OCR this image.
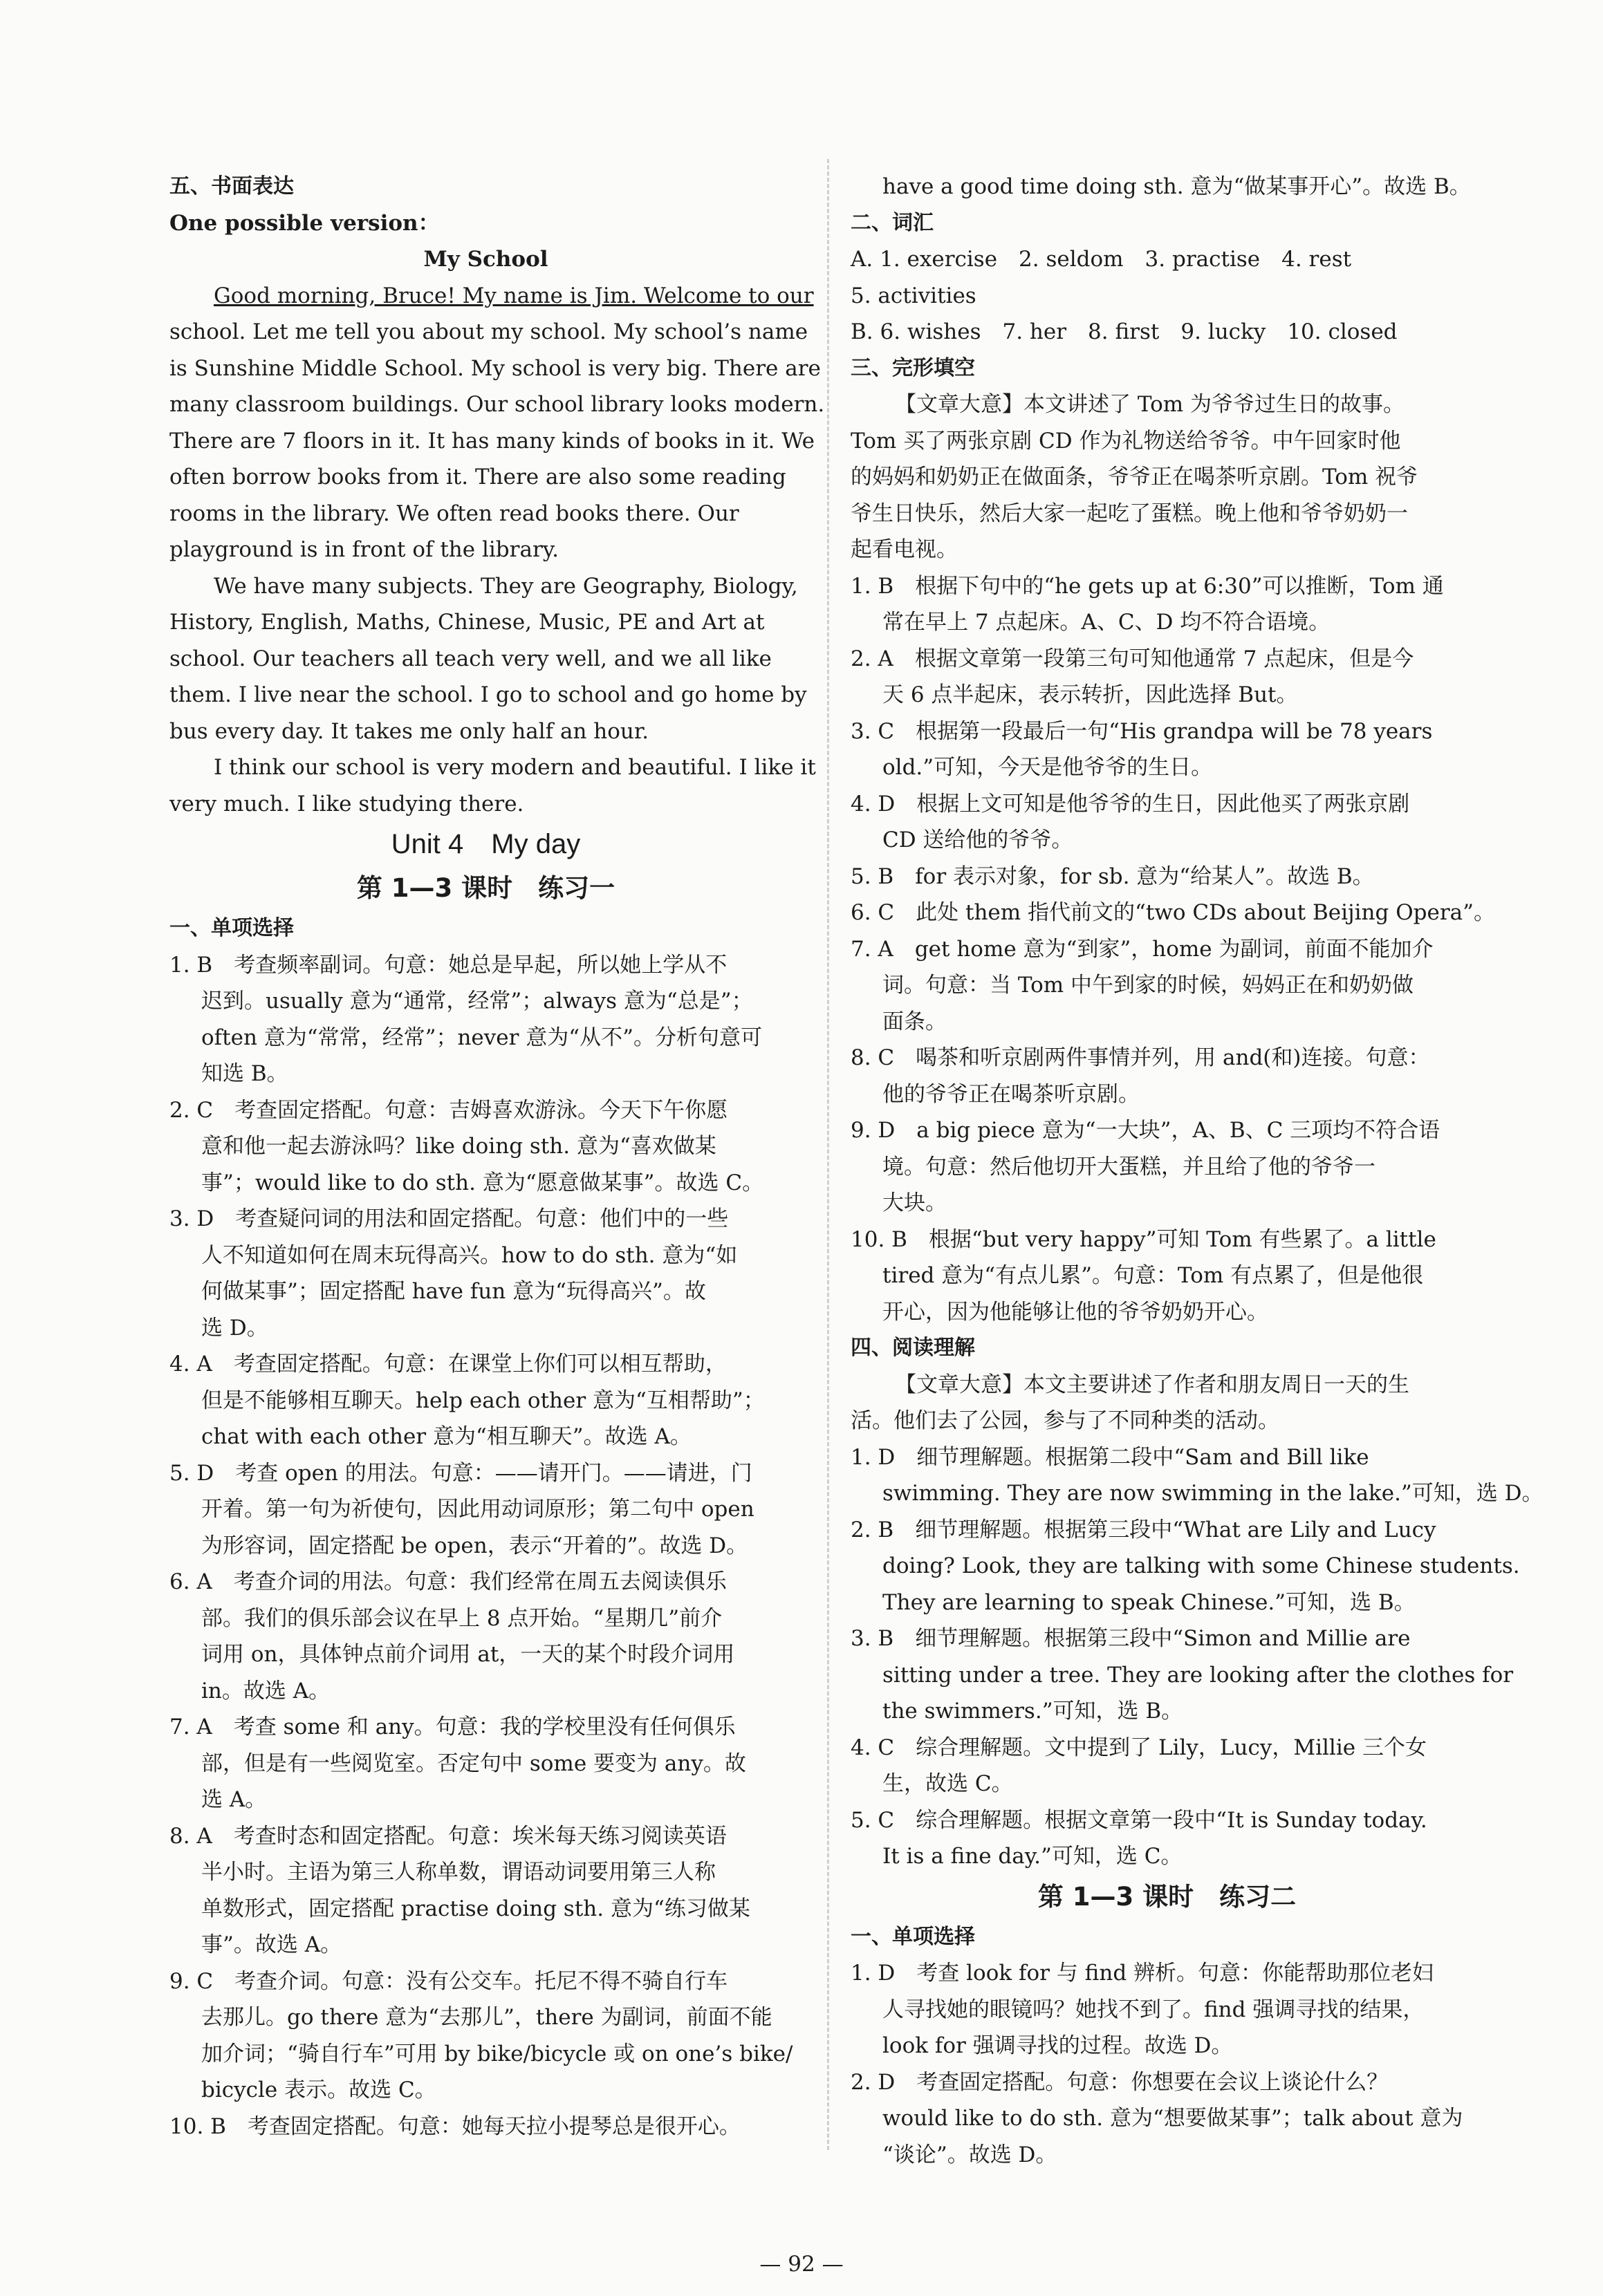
五、书面表达
One possible version：
My School
Good morning, Bruce! My name is Jim. Welcome to our
school. Let me tell you about my school. My school’s name
is Sunshine Middle School. My school is very big. There are
many classroom buildings. Our school library looks modern.
There are 7 floors in it. It has many kinds of books in it. We
often borrow books from it. There are also some reading
rooms in the library. We often read books there. Our
playground is in front of the library.
We have many subjects. They are Geography, Biology,
History, English, Maths, Chinese, Music, PE and Art at
school. Our teachers all teach very well, and we all like
them. I live near the school. I go to school and go home by
bus every day. It takes me only half an hour.
I think our school is very modern and beautiful. I like it
very much. I like studying there.
Unit 4　My day
第 1—3 课时　练习一
一、单项选择
1. B　考查频率副词。句意：她总是早起，所以她上学从不
迟到。usually 意为“通常，经常”；always 意为“总是”；
often 意为“常常，经常”；never 意为“从不”。分析句意可
知选 B。
2. C　考查固定搭配。句意：吉姆喜欢游泳。今天下午你愿
意和他一起去游泳吗？like doing sth. 意为“喜欢做某
事”；would like to do sth. 意为“愿意做某事”。故选 C。
3. D　考查疑问词的用法和固定搭配。句意：他们中的一些
人不知道如何在周末玩得高兴。how to do sth. 意为“如
何做某事”；固定搭配 have fun 意为“玩得高兴”。故
选 D。
4. A　考查固定搭配。句意：在课堂上你们可以相互帮助，
但是不能够相互聊天。help each other 意为“互相帮助”；
chat with each other 意为“相互聊天”。故选 A。
5. D　考查 open 的用法。句意：——请开门。——请进，门
开着。第一句为祈使句，因此用动词原形；第二句中 open
为形容词，固定搭配 be open，表示“开着的”。故选 D。
6. A　考查介词的用法。句意：我们经常在周五去阅读俱乐
部。我们的俱乐部会议在早上 8 点开始。“星期几”前介
词用 on，具体钟点前介词用 at，一天的某个时段介词用
in。故选 A。
7. A　考查 some 和 any。句意：我的学校里没有任何俱乐
部，但是有一些阅览室。否定句中 some 要变为 any。故
选 A。
8. A　考查时态和固定搭配。句意：埃米每天练习阅读英语
半小时。主语为第三人称单数，谓语动词要用第三人称
单数形式，固定搭配 practise doing sth. 意为“练习做某
事”。故选 A。
9. C　考查介词。句意：没有公交车。托尼不得不骑自行车
去那儿。go there 意为“去那儿”，there 为副词，前面不能
加介词；“骑自行车”可用 by bike/bicycle 或 on one’s bike/
bicycle 表示。故选 C。
10. B　考查固定搭配。句意：她每天拉小提琴总是很开心。
have a good time doing sth. 意为“做某事开心”。故选 B。
二、词汇
A. 1. exercise　2. seldom　3. practise　4. rest
5. activities
B. 6. wishes　7. her　8. first　9. lucky　10. closed
三、完形填空
【文章大意】本文讲述了 Tom 为爷爷过生日的故事。
Tom 买了两张京剧 CD 作为礼物送给爷爷。中午回家时他
的妈妈和奶奶正在做面条，爷爷正在喝茶听京剧。Tom 祝爷
爷生日快乐，然后大家一起吃了蛋糕。晚上他和爷爷奶奶一
起看电视。
1. B　根据下句中的“he gets up at 6:30”可以推断，Tom 通
常在早上 7 点起床。A、C、D 均不符合语境。
2. A　根据文章第一段第三句可知他通常 7 点起床，但是今
天 6 点半起床，表示转折，因此选择 But。
3. C　根据第一段最后一句“His grandpa will be 78 years
old.”可知，今天是他爷爷的生日。
4. D　根据上文可知是他爷爷的生日，因此他买了两张京剧
CD 送给他的爷爷。
5. B　for 表示对象，for sb. 意为“给某人”。故选 B。
6. C　此处 them 指代前文的“two CDs about Beijing Opera”。
7. A　get home 意为“到家”，home 为副词，前面不能加介
词。句意：当 Tom 中午到家的时候，妈妈正在和奶奶做
面条。
8. C　喝茶和听京剧两件事情并列，用 and(和)连接。句意：
他的爷爷正在喝茶听京剧。
9. D　a big piece 意为“一大块”，A、B、C 三项均不符合语
境。句意：然后他切开大蛋糕，并且给了他的爷爷一
大块。
10. B　根据“but very happy”可知 Tom 有些累了。a little
tired 意为“有点儿累”。句意：Tom 有点累了，但是他很
开心，因为他能够让他的爷爷奶奶开心。
四、阅读理解
【文章大意】本文主要讲述了作者和朋友周日一天的生
活。他们去了公园，参与了不同种类的活动。
1. D　细节理解题。根据第二段中“Sam and Bill like
swimming. They are now swimming in the lake.”可知，选 D。
2. B　细节理解题。根据第三段中“What are Lily and Lucy
doing? Look, they are talking with some Chinese students.
They are learning to speak Chinese.”可知，选 B。
3. B　细节理解题。根据第三段中“Simon and Millie are
sitting under a tree. They are looking after the clothes for
the swimmers.”可知，选 B。
4. C　综合理解题。文中提到了 Lily，Lucy，Millie 三个女
生，故选 C。
5. C　综合理解题。根据文章第一段中“It is Sunday today.
It is a fine day.”可知，选 C。
第 1—3 课时　练习二
一、单项选择
1. D　考查 look for 与 find 辨析。句意：你能帮助那位老妇
人寻找她的眼镜吗？她找不到了。find 强调寻找的结果，
look for 强调寻找的过程。故选 D。
2. D　考查固定搭配。句意：你想要在会议上谈论什么？
would like to do sth. 意为“想要做某事”；talk about 意为
“谈论”。故选 D。
— 92 —
